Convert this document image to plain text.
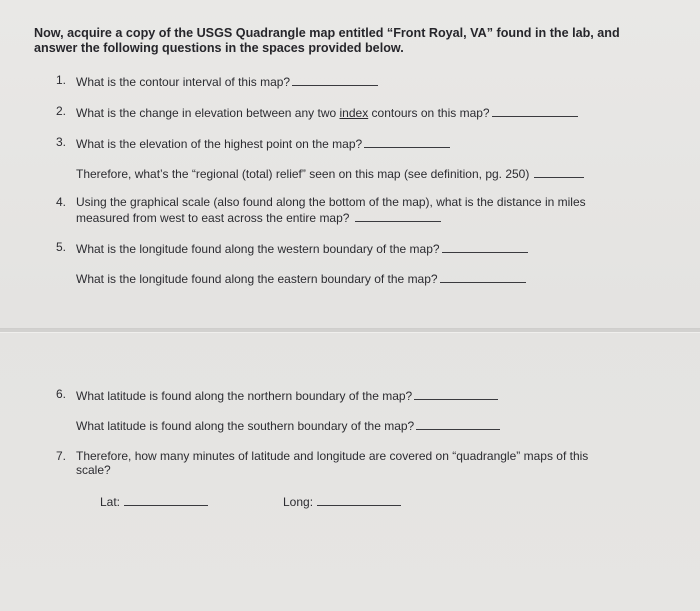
Now, acquire a copy of the USGS Quadrangle map entitled “Front Royal, VA” found in the lab, and
answer the following questions in the spaces provided below.
1. What is the contour interval of this map?
2. What is the change in elevation between any two index contours on this map?
3. What is the elevation of the highest point on the map?
Therefore, what’s the “regional (total) relief” seen on this map (see definition, pg. 250)
4. Using the graphical scale (also found along the bottom of the map), what is the distance in miles
measured from west to east across the entire map?
5. What is the longitude found along the western boundary of the map?
What is the longitude found along the eastern boundary of the map?
6. What latitude is found along the northern boundary of the map?
What latitude is found along the southern boundary of the map?
7. Therefore, how many minutes of latitude and longitude are covered on “quadrangle” maps of this
scale?
Lat:	Long:
